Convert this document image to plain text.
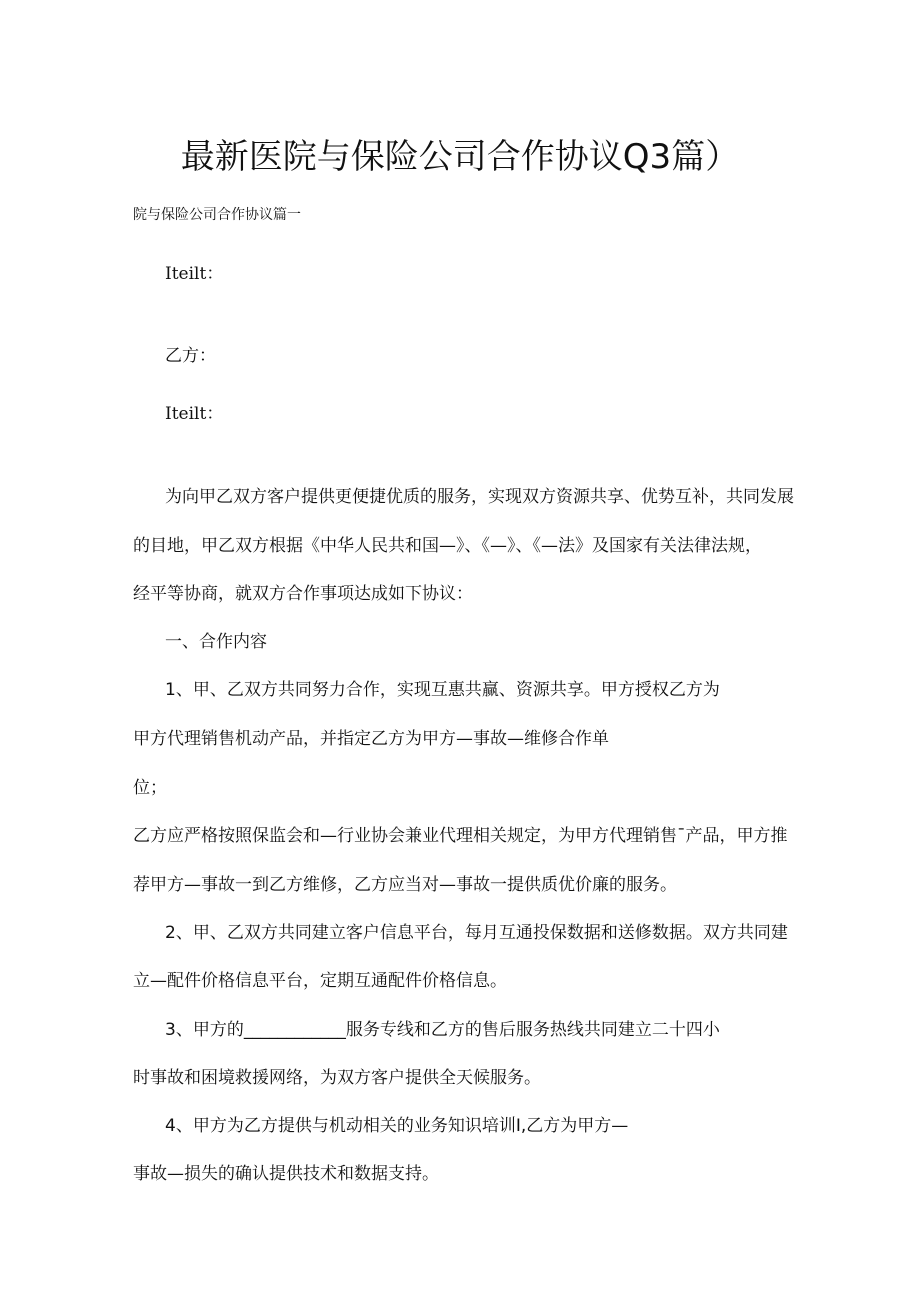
最新医院与保险公司合作协议Q3篇）

院与保险公司合作协议篇一

Iteilt：

乙方：

Iteilt：

为向甲乙双方客户提供更便捷优质的服务，实现双方资源共享、优势互补，共同发展

的目地，甲乙双方根据《中华人民共和国—》、《—》、《—法》及国家有关法律法规，

经平等协商，就双方合作事项达成如下协议：

一、合作内容

1、甲、乙双方共同努力合作，实现互惠共赢、资源共享。甲方授权乙方为

甲方代理销售机动产品，并指定乙方为甲方—事故—维修合作单

位；

乙方应严格按照保监会和—行业协会兼业代理相关规定，为甲方代理销售¯产品，甲方推

荐甲方—事故一到乙方维修，乙方应当对—事故一提供质优价廉的服务。

2、甲、乙双方共同建立客户信息平台，每月互通投保数据和送修数据。双方共同建

立—配件价格信息平台，定期互通配件价格信息。

3、甲方的____________服务专线和乙方的售后服务热线共同建立二十四小

时事故和困境救援网络，为双方客户提供全天候服务。

4、甲方为乙方提供与机动相关的业务知识培训I,乙方为甲方—

事故—损失的确认提供技术和数据支持。
